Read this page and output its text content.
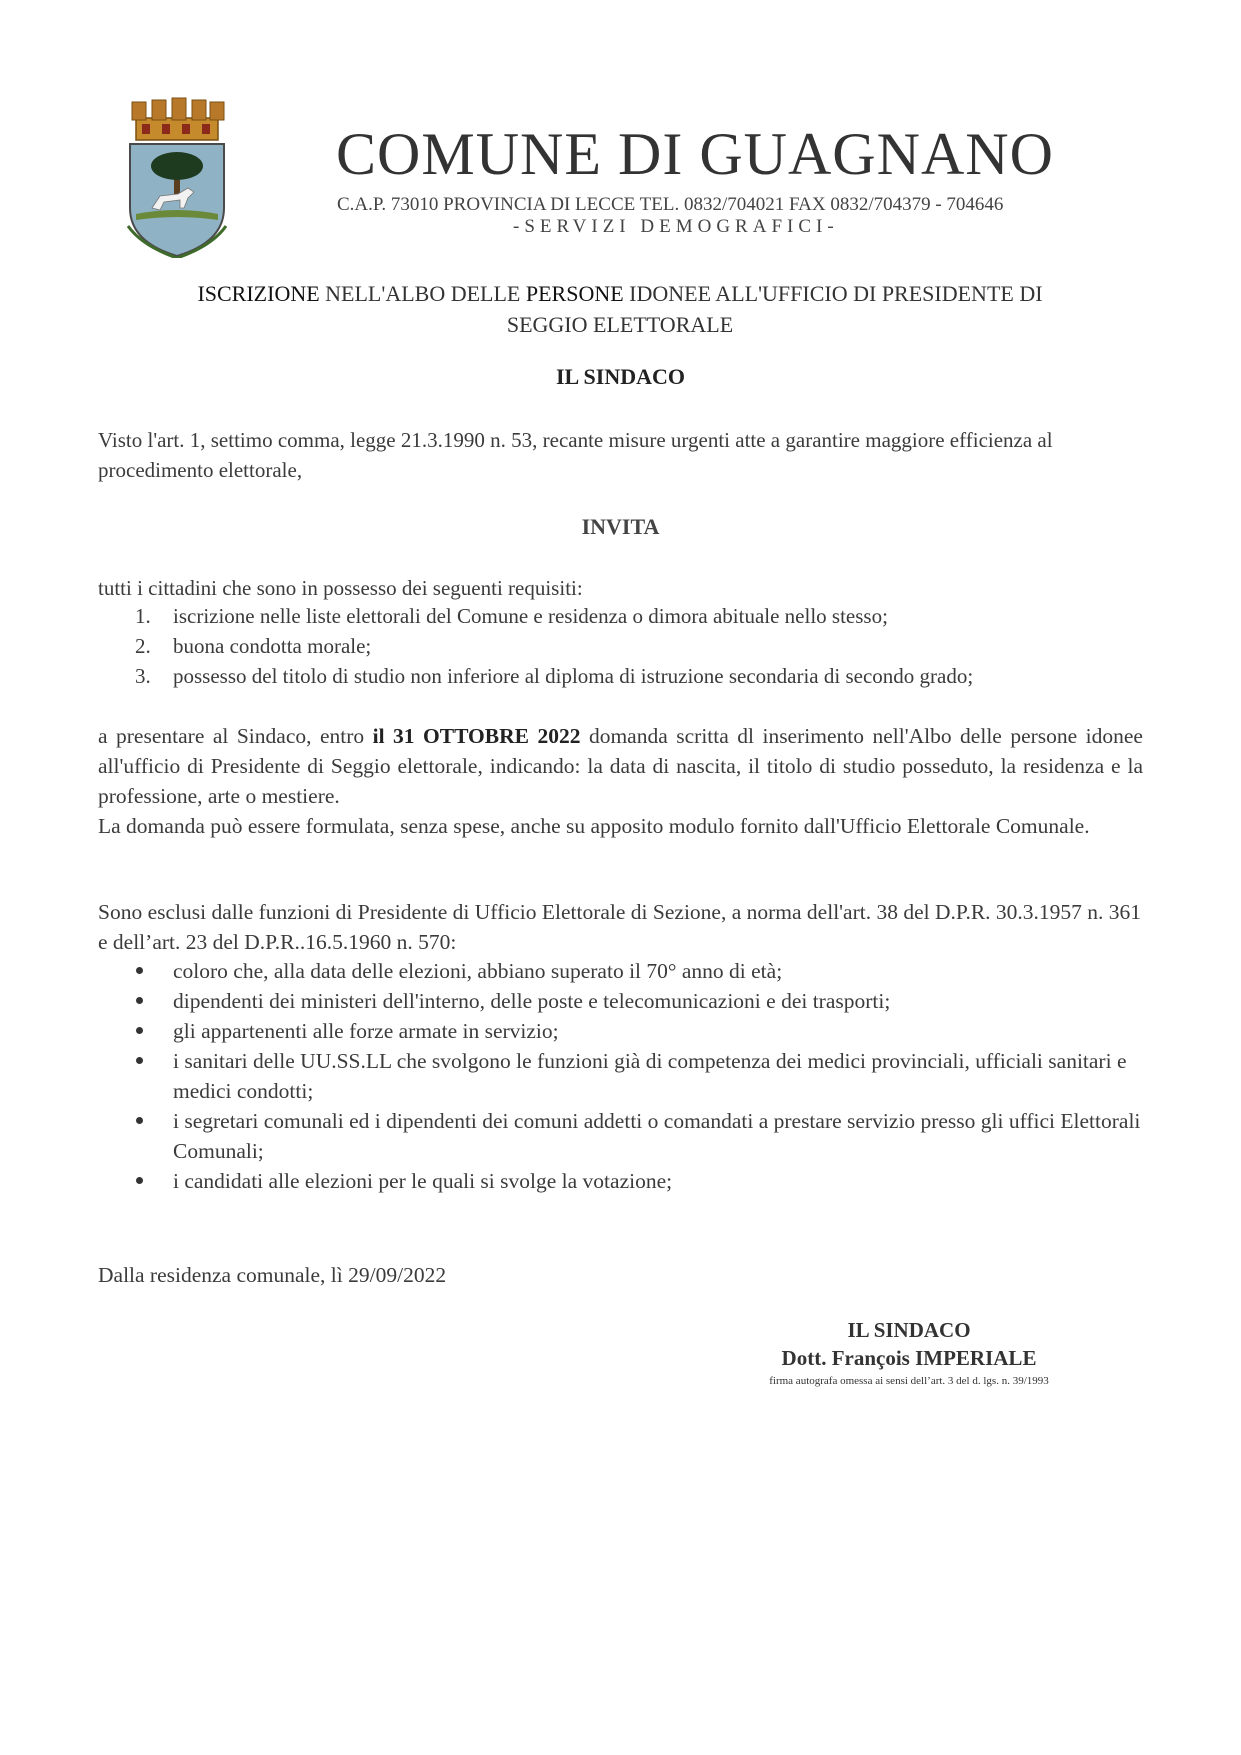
COMUNE DI GUAGNANO
C.A.P. 73010 PROVINCIA DI LECCE TEL. 0832/704021 FAX 0832/704379 - 704646
-SERVIZI DEMOGRAFICI-
ISCRIZIONE NELL'ALBO DELLE PERSONE IDONEE ALL'UFFICIO DI PRESIDENTE DI
SEGGIO ELETTORALE
IL SINDACO
Visto l'art. 1, settimo comma, legge 21.3.1990 n. 53, recante misure urgenti atte a garantire maggiore efficienza al procedimento elettorale,
INVITA
tutti i cittadini che sono in possesso dei seguenti requisiti:
1. iscrizione nelle liste elettorali del Comune e residenza o dimora abituale nello stesso;
2. buona condotta morale;
3. possesso del titolo di studio non inferiore al diploma di istruzione secondaria di secondo grado;

a presentare al Sindaco, entro il 31 OTTOBRE 2022 domanda scritta dl inserimento nell'Albo delle persone idonee all'ufficio di Presidente di Seggio elettorale, indicando: la data di nascita, il titolo di studio posseduto, la residenza e la professione, arte o mestiere.

La domanda può essere formulata, senza spese, anche su apposito modulo fornito dall'Ufficio Elettorale Comunale.

Sono esclusi dalle funzioni di Presidente di Ufficio Elettorale di Sezione, a norma dell'art. 38 del D.P.R. 30.3.1957 n. 361 e dell’art. 23 del D.P.R..16.5.1960 n. 570:
coloro che, alla data delle elezioni, abbiano superato il 70° anno di età;
dipendenti dei ministeri dell'interno, delle poste e telecomunicazioni e dei trasporti;
gli appartenenti alle forze armate in servizio;
i sanitari delle UU.SS.LL che svolgono le funzioni già di competenza dei medici provinciali, ufficiali sanitari e medici condotti;
i segretari comunali ed i dipendenti dei comuni addetti o comandati a prestare servizio presso gli uffici Elettorali Comunali;
i candidati alle elezioni per le quali si svolge la votazione;
Dalla residenza comunale, lì 29/09/2022
IL SINDACO
Dott. François IMPERIALE
firma autografa omessa ai sensi dell’art. 3 del d. lgs. n. 39/1993
